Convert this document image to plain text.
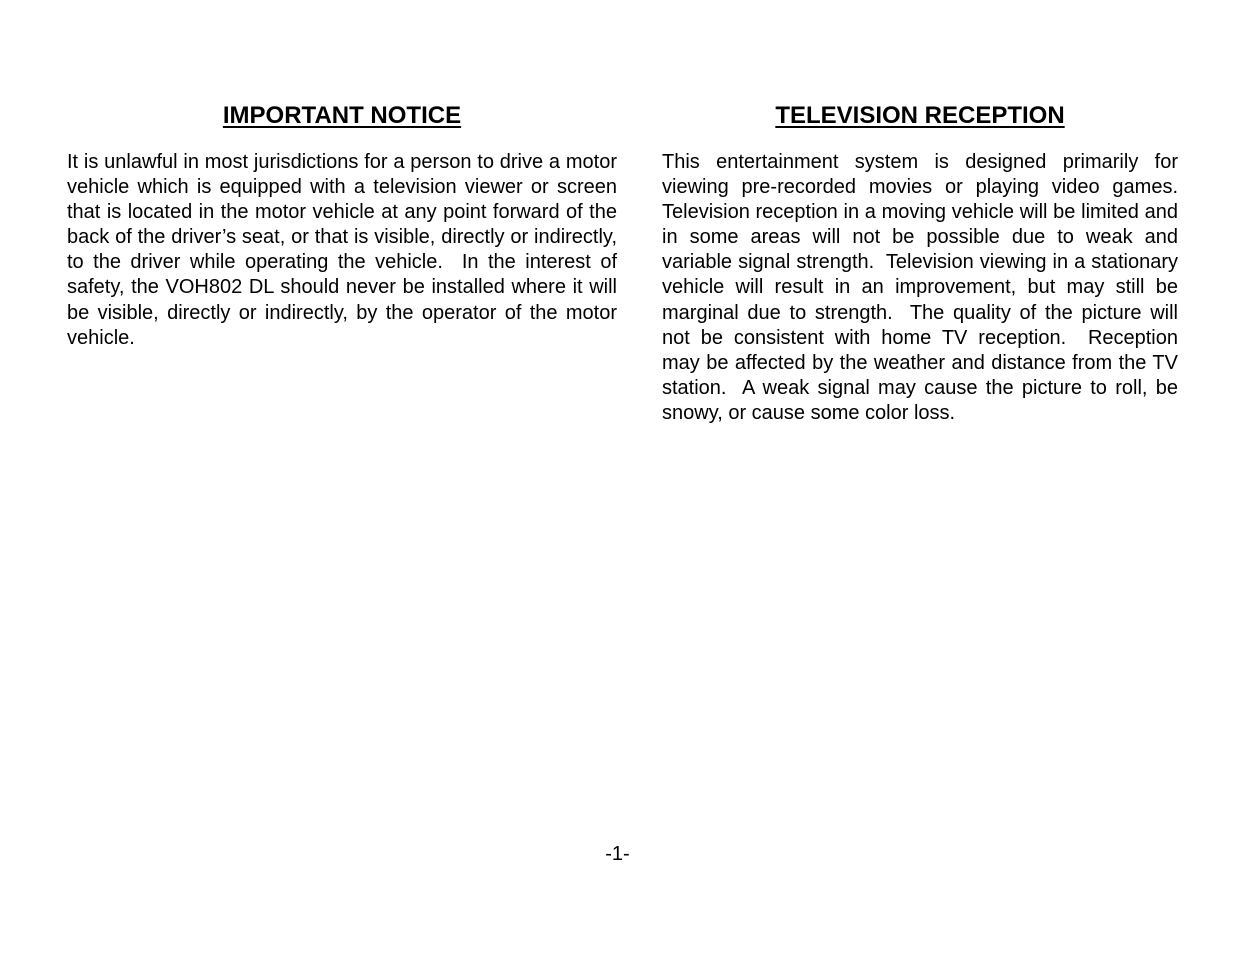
IMPORTANT NOTICE

It is unlawful in most jurisdictions for a person to drive a motor vehicle which is equipped with a television viewer or screen that is located in the motor vehicle at any point forward of the back of the driver’s seat, or that is visible, directly or indirectly, to the driver while operating the vehicle.  In the interest of safety, the VOH802 DL should never be installed where it will be visible, directly or indirectly, by the operator of the motor vehicle.

TELEVISION RECEPTION

This entertainment system is designed primarily for viewing pre-recorded movies or playing video games.  Television reception in a moving vehicle will be limited and in some areas will not be possible due to weak and variable signal strength.  Television viewing in a stationary vehicle will result in an improvement, but may still be marginal due to strength.  The quality of the picture will not be consistent with home TV reception.  Reception may be affected by the weather and distance from the TV station.  A weak signal may cause the picture to roll, be snowy, or cause some color loss.

-1-
